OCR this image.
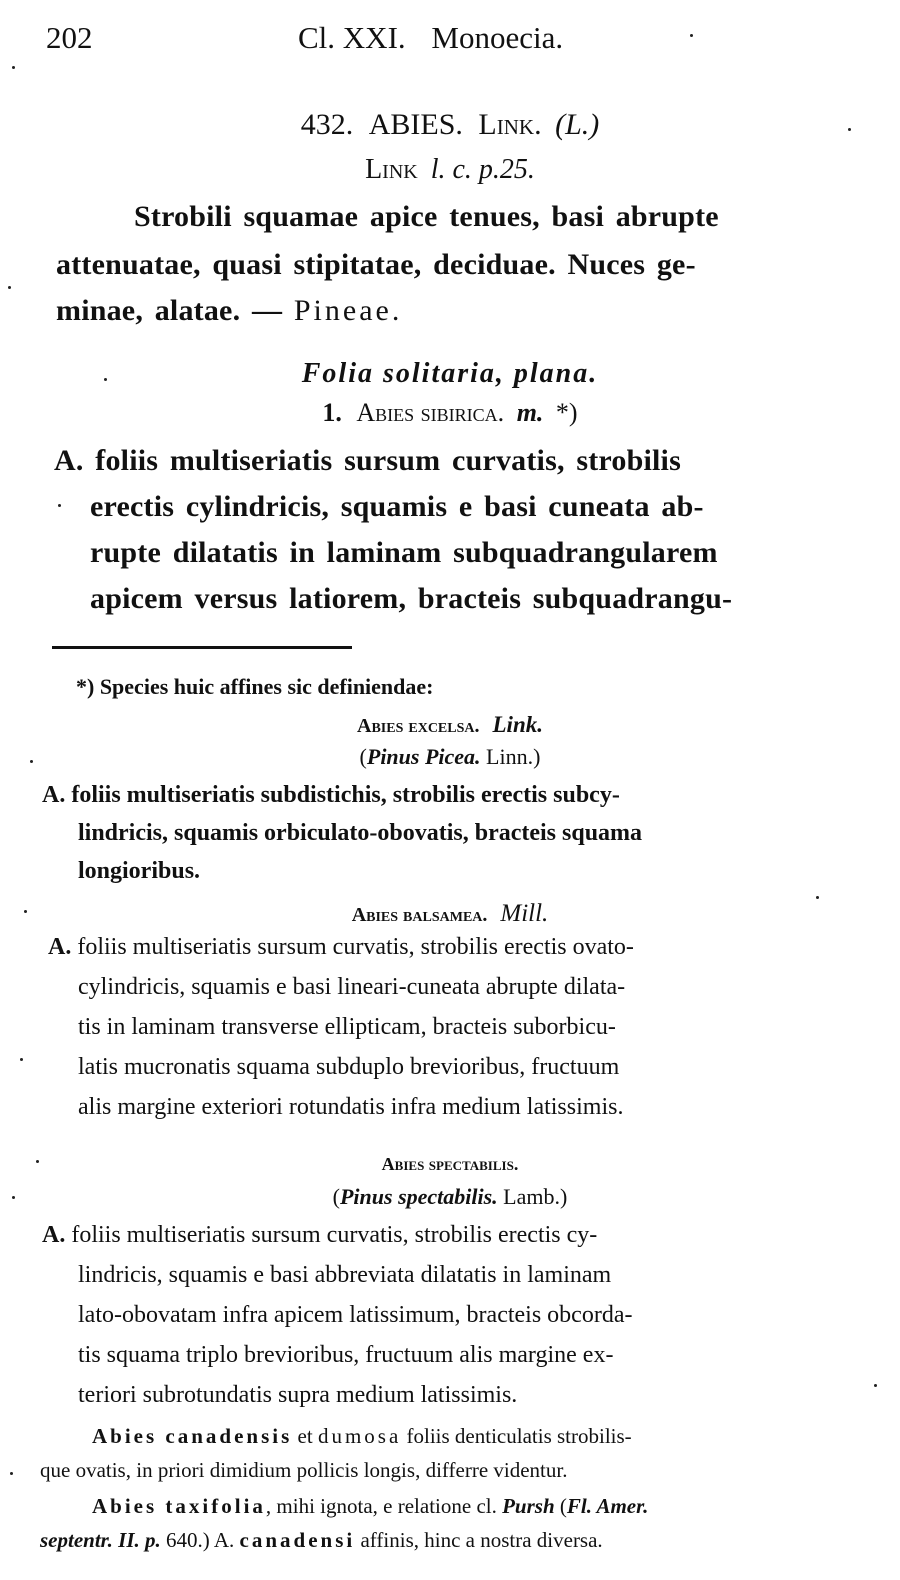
202	Cl. XXI. Monoecia.
432. ABIES. Link. (L.)
Link l. c. p.25.
Strobili squamae apice tenues, basi abrupte
attenuatae, quasi stipitatae, deciduae. Nuces ge-
minae, alatae. — Pineae.
Folia solitaria, plana.
1. Abies sibirica. m. *)
A. foliis multiseriatis sursum curvatis, strobilis
erectis cylindricis, squamis e basi cuneata ab-
rupte dilatatis in laminam subquadrangularem
apicem versus latiorem, bracteis subquadrangu-
*) Species huic affines sic definiendae:
Abies excelsa. Link.
(Pinus Picea. Linn.)
A. foliis multiseriatis subdistichis, strobilis erectis subcy-
lindricis, squamis orbiculato-obovatis, bracteis squama
longioribus.
Abies balsamea. Mill.
A. foliis multiseriatis sursum curvatis, strobilis erectis ovato-
cylindricis, squamis e basi lineari-cuneata abrupte dilata-
tis in laminam transverse ellipticam, bracteis suborbicu-
latis mucronatis squama subduplo brevioribus, fructuum
alis margine exteriori rotundatis infra medium latissimis.
Abies spectabilis.
(Pinus spectabilis. Lamb.)
A. foliis multiseriatis sursum curvatis, strobilis erectis cy-
lindricis, squamis e basi abbreviata dilatatis in laminam
lato-obovatam infra apicem latissimum, bracteis obcorda-
tis squama triplo brevioribus, fructuum alis margine ex-
teriori subrotundatis supra medium latissimis.
Abies canadensis et dumosa foliis denticulatis strobilis-
que ovatis, in priori dimidium pollicis longis, differre videntur.
Abies taxifolia, mihi ignota, e relatione cl. Pursh (Fl. Amer.
septentr. II. p. 640.) A. canadensi affinis, hinc a nostra diversa.
